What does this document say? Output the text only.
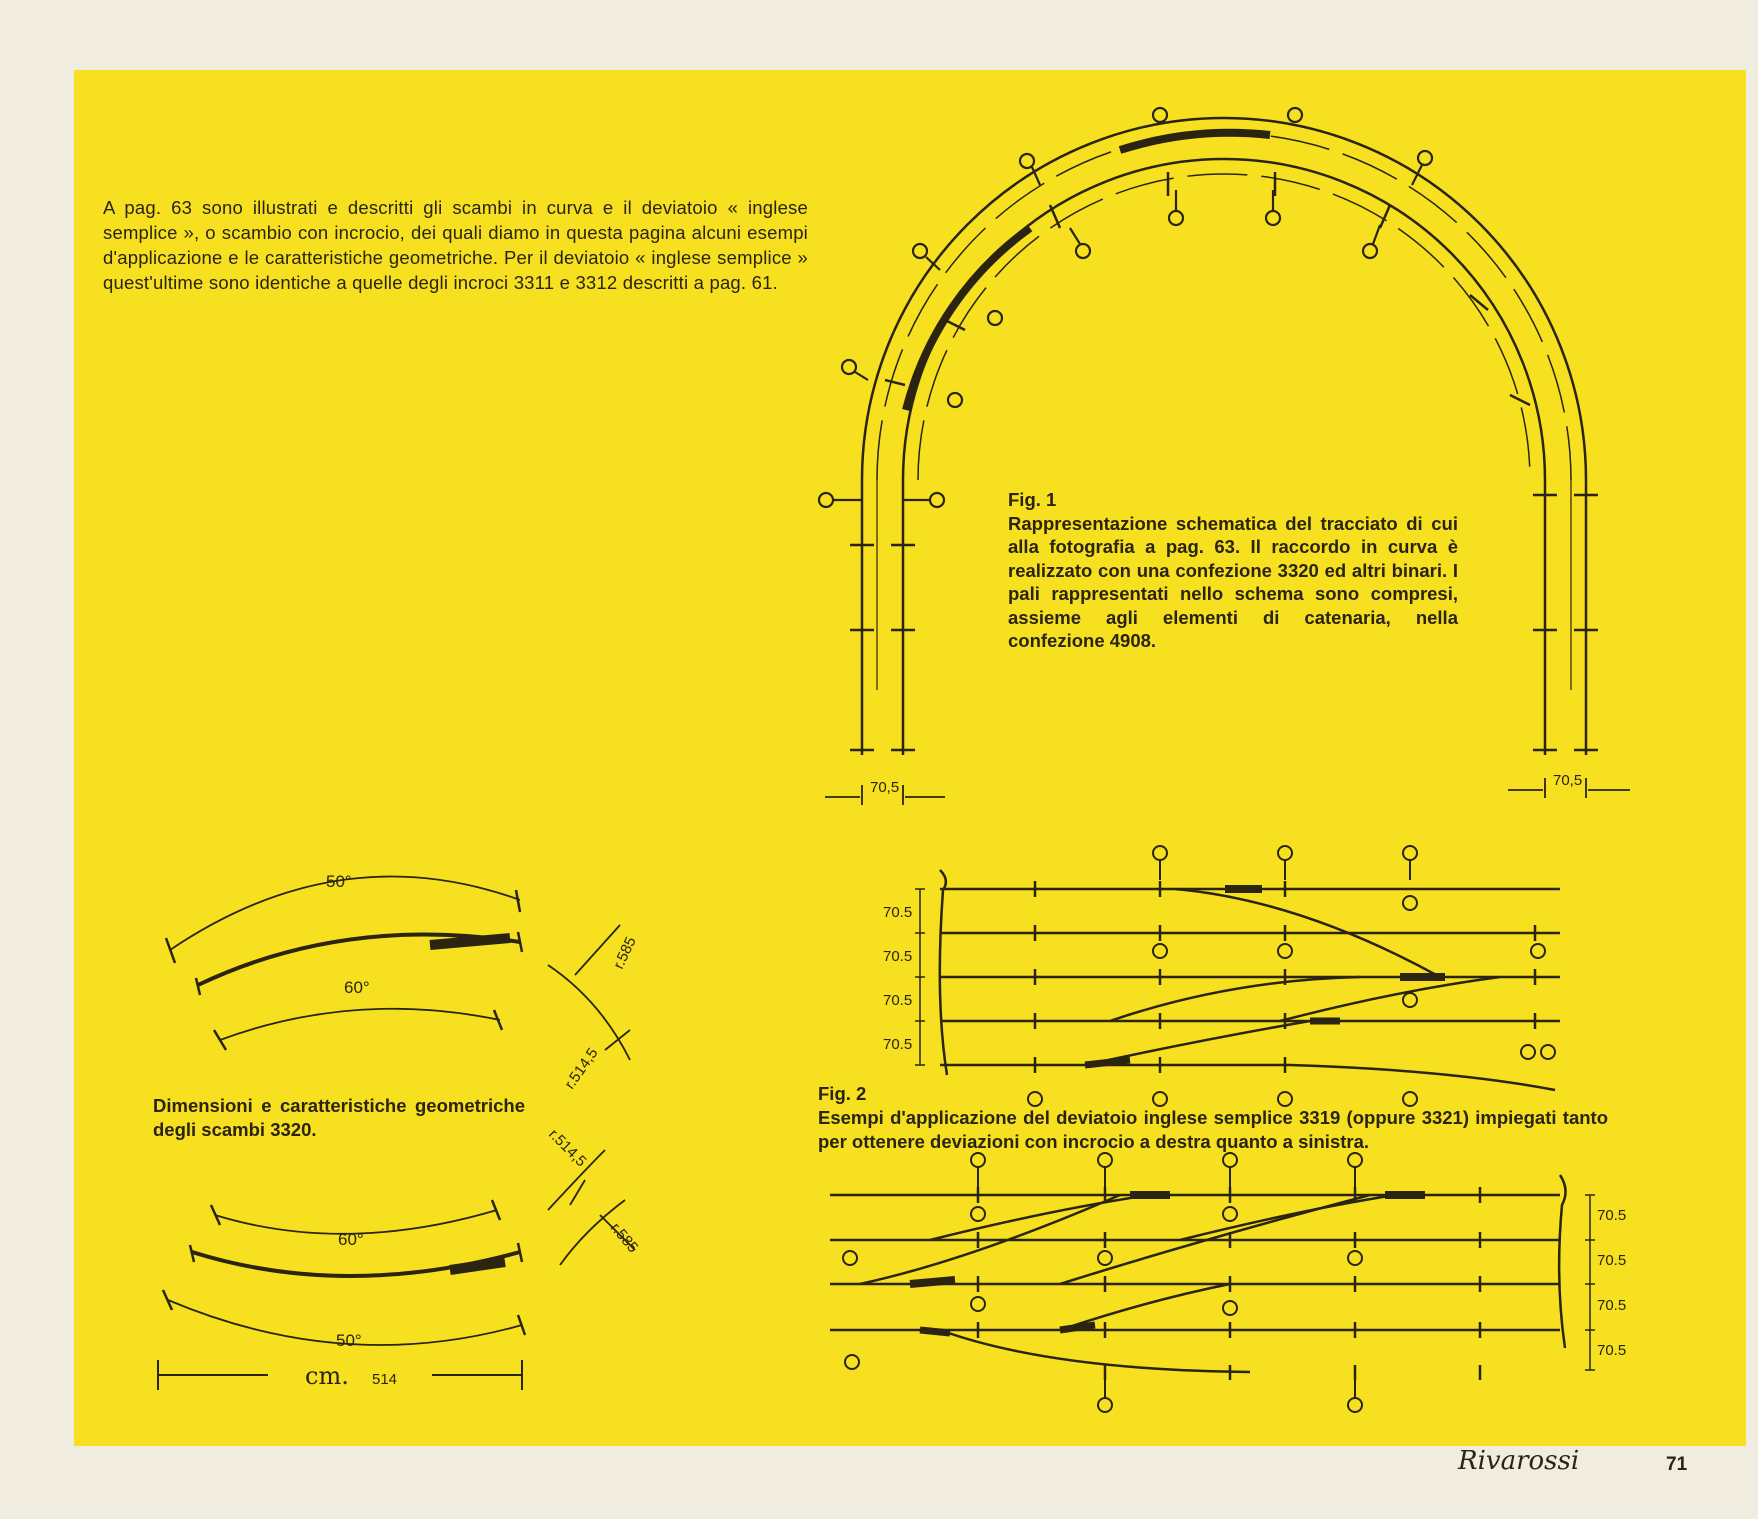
A pag. 63 sono illustrati e descritti gli scambi in curva e il deviatoio « inglese semplice », o scambio con incrocio, dei quali diamo in questa pagina alcuni esempi d'applicazione e le caratteristiche geometriche. Per il deviatoio « inglese semplice » quest'ultime sono identiche a quelle degli incroci 3311 e 3312 descritti a pag. 61.
70,5	70,5
70.5
70.5
70.5
70.5
70.5
70.5
70.5
70.5
50°
60°
60°
50°
r.585
r.514,5
r.514,5
r.585
cm. 514
Fig. 1
Rappresentazione schematica del tracciato di cui alla fotografia a pag. 63. Il raccordo in curva è realizzato con una confezione 3320 ed altri binari. I pali rappresentati nello schema sono compresi, assieme agli elementi di catenaria, nella confezione 4908.
Fig. 2
Esempi d'applicazione del deviatoio inglese semplice 3319 (oppure 3321) impiegati tanto per ottenere deviazioni con incrocio a destra quanto a sinistra.
Dimensioni e caratteristiche geometriche degli scambi 3320.
Rivarossi	71
